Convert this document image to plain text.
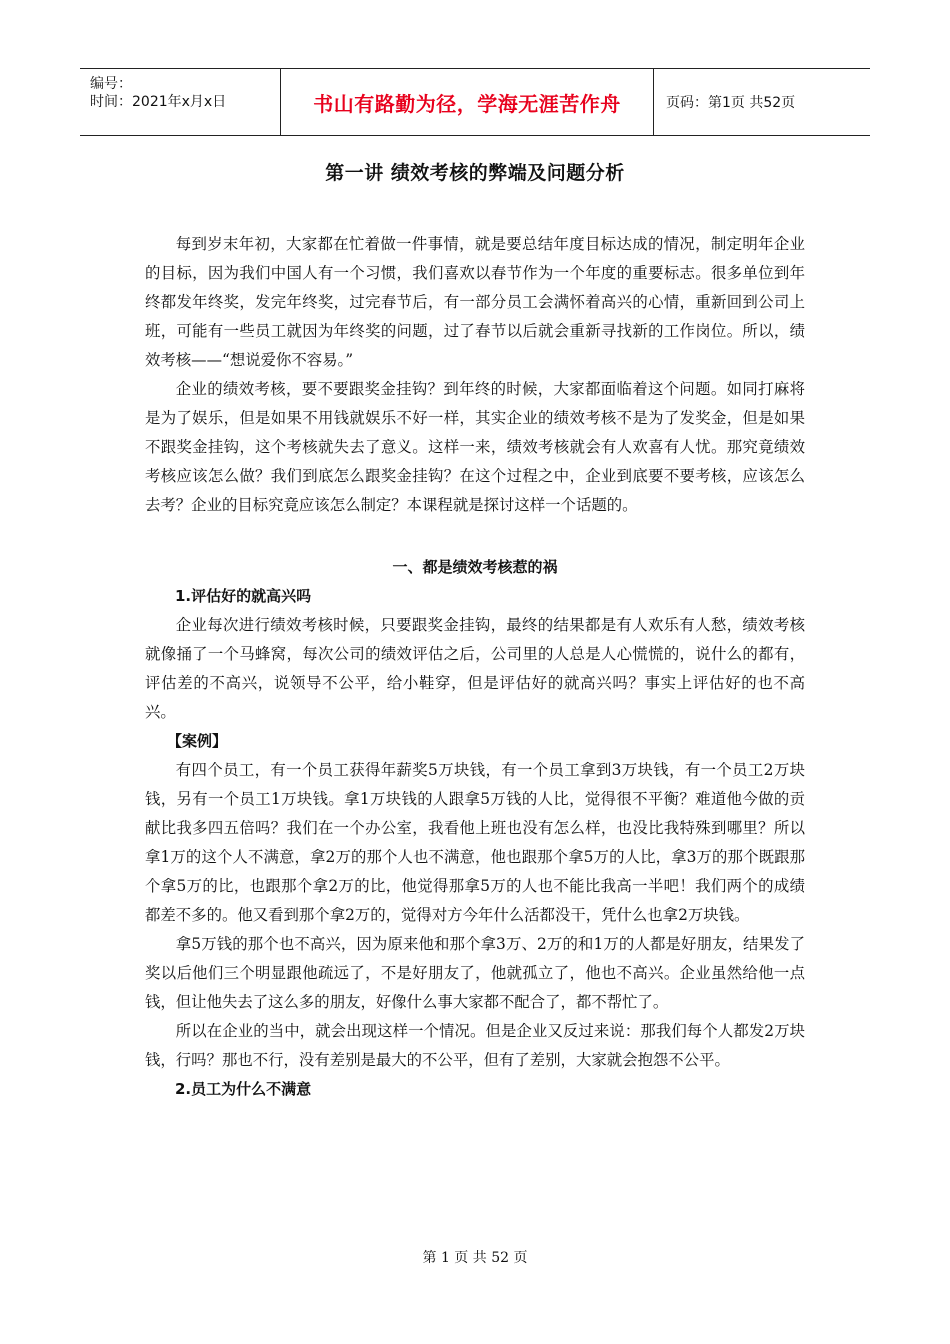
编号：
时间：2021年x月x日	书山有路勤为径，学海无涯苦作舟	页码：第1页 共52页
第一讲 绩效考核的弊端及问题分析

每到岁末年初，大家都在忙着做一件事情，就是要总结年度目标达成的情况，制定明年企业的目标，因为我们中国人有一个习惯，我们喜欢以春节作为一个年度的重要标志。很多单位到年终都发年终奖，发完年终奖，过完春节后，有一部分员工会满怀着高兴的心情，重新回到公司上班，可能有一些员工就因为年终奖的问题，过了春节以后就会重新寻找新的工作岗位。所以，绩效考核——“想说爱你不容易。”

企业的绩效考核，要不要跟奖金挂钩？到年终的时候，大家都面临着这个问题。如同打麻将是为了娱乐，但是如果不用钱就娱乐不好一样，其实企业的绩效考核不是为了发奖金，但是如果不跟奖金挂钩，这个考核就失去了意义。这样一来，绩效考核就会有人欢喜有人忧。那究竟绩效考核应该怎么做？我们到底怎么跟奖金挂钩？在这个过程之中，企业到底要不要考核，应该怎么去考？企业的目标究竟应该怎么制定？本课程就是探讨这样一个话题的。

一、都是绩效考核惹的祸
1.评估好的就高兴吗

企业每次进行绩效考核时候，只要跟奖金挂钩，最终的结果都是有人欢乐有人愁，绩效考核就像捅了一个马蜂窝，每次公司的绩效评估之后，公司里的人总是人心慌慌的，说什么的都有，评估差的不高兴，说领导不公平，给小鞋穿，但是评估好的就高兴吗？事实上评估好的也不高兴。

【案例】

有四个员工，有一个员工获得年薪奖5万块钱，有一个员工拿到3万块钱，有一个员工2万块钱，另有一个员工1万块钱。拿1万块钱的人跟拿5万钱的人比，觉得很不平衡？难道他今做的贡献比我多四五倍吗？我们在一个办公室，我看他上班也没有怎么样，也没比我特殊到哪里？所以拿1万的这个人不满意，拿2万的那个人也不满意，他也跟那个拿5万的人比，拿3万的那个既跟那个拿5万的比，也跟那个拿2万的比，他觉得那拿5万的人也不能比我高一半吧！我们两个的成绩都差不多的。他又看到那个拿2万的，觉得对方今年什么活都没干，凭什么也拿2万块钱。

拿5万钱的那个也不高兴，因为原来他和那个拿3万、2万的和1万的人都是好朋友，结果发了奖以后他们三个明显跟他疏远了，不是好朋友了，他就孤立了，他也不高兴。企业虽然给他一点钱，但让他失去了这么多的朋友，好像什么事大家都不配合了，都不帮忙了。

所以在企业的当中，就会出现这样一个情况。但是企业又反过来说：那我们每个人都发2万块钱，行吗？那也不行，没有差别是最大的不公平，但有了差别，大家就会抱怨不公平。

2.员工为什么不满意
第 1 页 共 52 页
